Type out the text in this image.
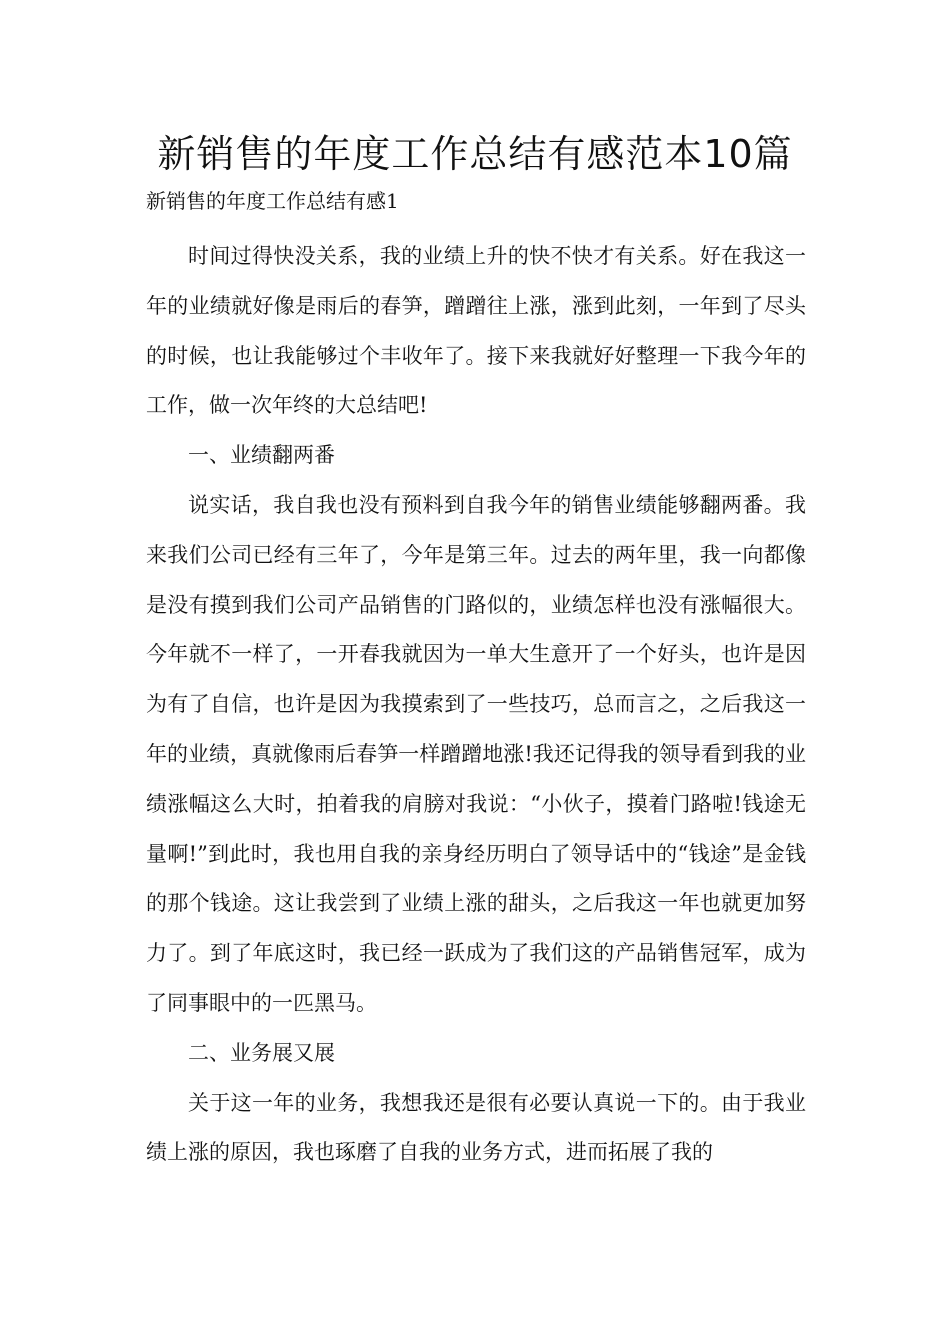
新销售的年度工作总结有感范本10篇

新销售的年度工作总结有感1

时间过得快没关系，我的业绩上升的快不快才有关系。好在我这一年的业绩就好像是雨后的春笋，蹭蹭往上涨，涨到此刻，一年到了尽头的时候，也让我能够过个丰收年了。接下来我就好好整理一下我今年的工作，做一次年终的大总结吧!

一、业绩翻两番

说实话，我自我也没有预料到自我今年的销售业绩能够翻两番。我来我们公司已经有三年了，今年是第三年。过去的两年里，我一向都像是没有摸到我们公司产品销售的门路似的，业绩怎样也没有涨幅很大。今年就不一样了，一开春我就因为一单大生意开了一个好头，也许是因为有了自信，也许是因为我摸索到了一些技巧，总而言之，之后我这一年的业绩，真就像雨后春笋一样蹭蹭地涨!我还记得我的领导看到我的业绩涨幅这么大时，拍着我的肩膀对我说：“小伙子，摸着门路啦!钱途无量啊!”到此时，我也用自我的亲身经历明白了领导话中的“钱途”是金钱的那个钱途。这让我尝到了业绩上涨的甜头，之后我这一年也就更加努力了。到了年底这时，我已经一跃成为了我们这的产品销售冠军，成为了同事眼中的一匹黑马。

二、业务展又展

关于这一年的业务，我想我还是很有必要认真说一下的。由于我业绩上涨的原因，我也琢磨了自我的业务方式，进而拓展了我的
